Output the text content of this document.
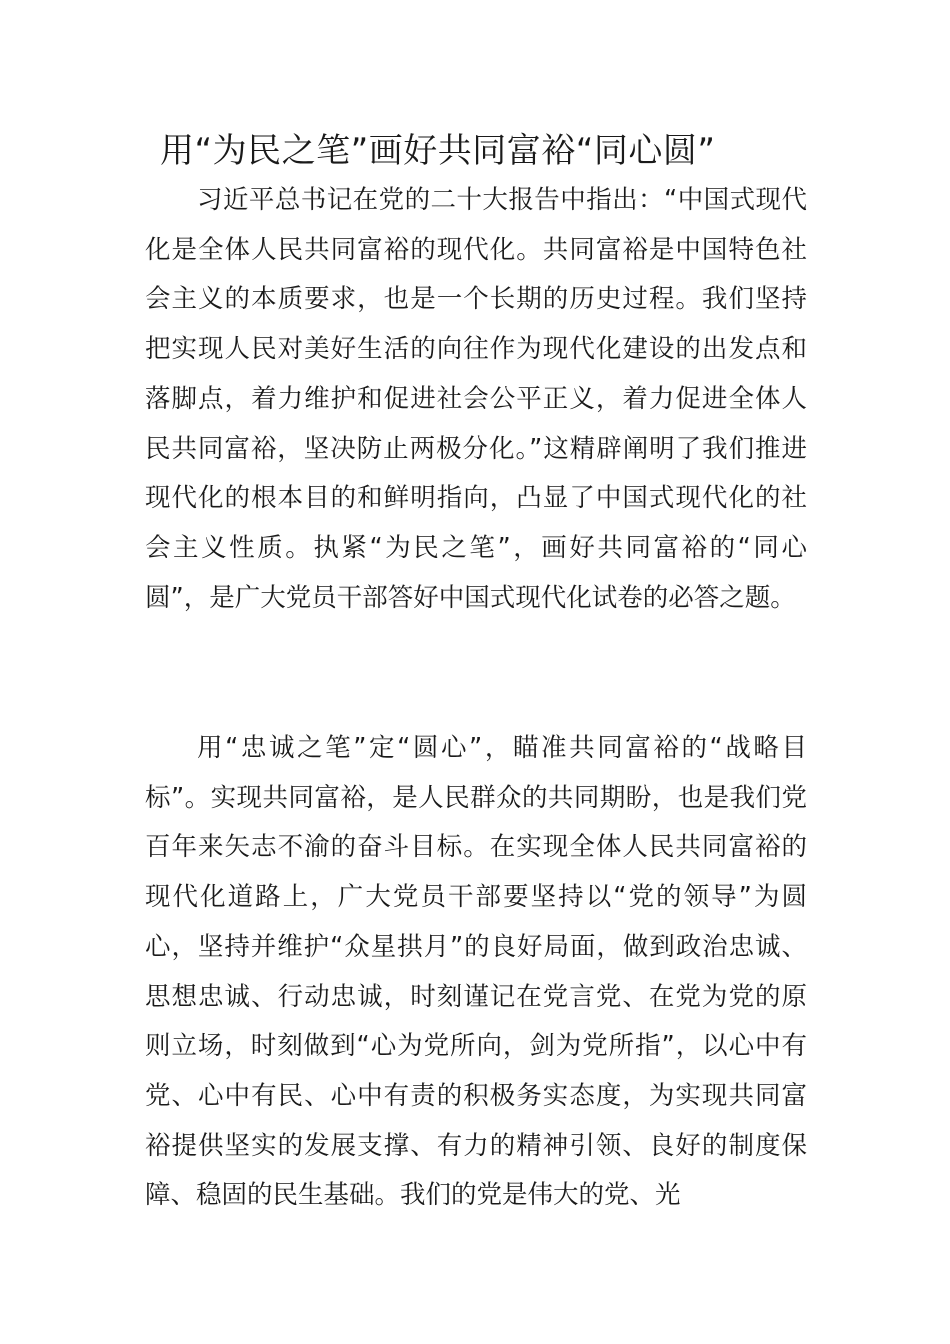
用“为民之笔”画好共同富裕“同心圆”

习近平总书记在党的二十大报告中指出：“中国式现代化是全体人民共同富裕的现代化。共同富裕是中国特色社会主义的本质要求，也是一个长期的历史过程。我们坚持把实现人民对美好生活的向往作为现代化建设的出发点和落脚点，着力维护和促进社会公平正义，着力促进全体人民共同富裕，坚决防止两极分化。”这精辟阐明了我们推进现代化的根本目的和鲜明指向，凸显了中国式现代化的社会主义性质。执紧“为民之笔”，画好共同富裕的“同心圆”，是广大党员干部答好中国式现代化试卷的必答之题。

用“忠诚之笔”定“圆心”，瞄准共同富裕的“战略目标”。实现共同富裕，是人民群众的共同期盼，也是我们党百年来矢志不渝的奋斗目标。在实现全体人民共同富裕的现代化道路上，广大党员干部要坚持以“党的领导”为圆心，坚持并维护“众星拱月”的良好局面，做到政治忠诚、思想忠诚、行动忠诚，时刻谨记在党言党、在党为党的原则立场，时刻做到“心为党所向，剑为党所指”，以心中有党、心中有民、心中有责的积极务实态度，为实现共同富裕提供坚实的发展支撑、有力的精神引领、良好的制度保障、稳固的民生基础。我们的党是伟大的党、光
